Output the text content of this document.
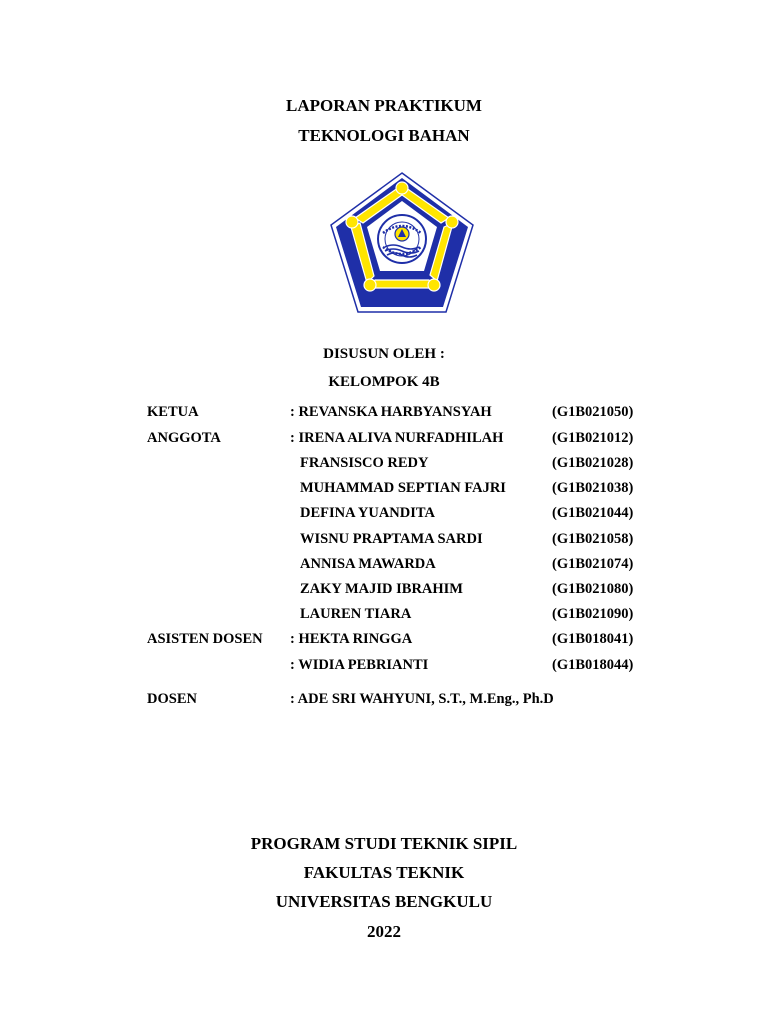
LAPORAN PRAKTIKUM
TEKNOLOGI BAHAN
DISUSUN OLEH :
KELOMPOK 4B
KETUA	: REVANSKA HARBYANSYAH	(G1B021050)
ANGGOTA	: IRENA ALIVA NURFADHILAH	(G1B021012)
FRANSISCO REDY	(G1B021028)
MUHAMMAD SEPTIAN FAJRI	(G1B021038)
DEFINA YUANDITA	(G1B021044)
WISNU PRAPTAMA SARDI	(G1B021058)
ANNISA MAWARDA	(G1B021074)
ZAKY MAJID IBRAHIM	(G1B021080)
LAUREN TIARA	(G1B021090)
ASISTEN DOSEN : HEKTA RINGGA	(G1B018041)
: WIDIA PEBRIANTI	(G1B018044)
DOSEN	: ADE SRI WAHYUNI, S.T., M.Eng., Ph.D
PROGRAM STUDI TEKNIK SIPIL
FAKULTAS TEKNIK
UNIVERSITAS BENGKULU
2022
